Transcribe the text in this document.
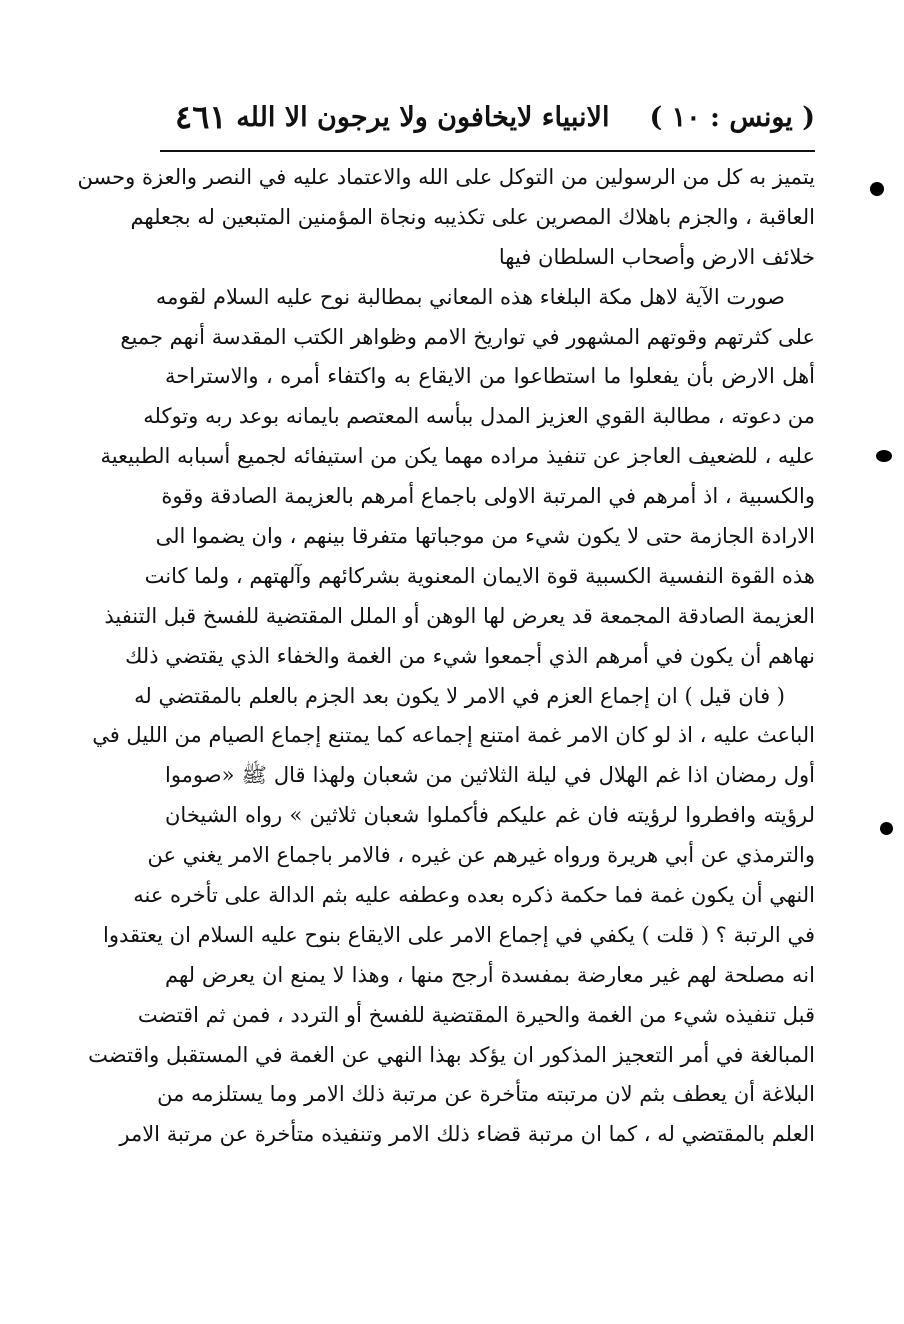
( يونس : ١٠ )
الانبياء لايخافون ولا يرجون الا الله
٤٦١
يتميز به كل من الرسولين من التوكل على الله والاعتماد عليه في النصر والعزة وحسن
العاقبة ، والجزم باهلاك المصرين على تكذيبه ونجاة المؤمنين المتبعين له بجعلهم
خلائف الارض وأصحاب السلطان فيها
صورت الآية لاهل مكة البلغاء هذه المعاني بمطالبة نوح عليه السلام لقومه
على كثرتهم وقوتهم المشهور في تواريخ الامم وظواهر الكتب المقدسة أنهم جميع
أهل الارض بأن يفعلوا ما استطاعوا من الايقاع به واكتفاء أمره ، والاستراحة
من دعوته ، مطالبة القوي العزيز المدل ببأسه المعتصم بايمانه بوعد ربه وتوكله
عليه ، للضعيف العاجز عن تنفيذ مراده مهما يكن من استيفائه لجميع أسبابه الطبيعية
والكسبية ، اذ أمرهم في المرتبة الاولى باجماع أمرهم بالعزيمة الصادقة وقوة
الارادة الجازمة حتى لا يكون شيء من موجباتها متفرقا بينهم ، وان يضموا الى
هذه القوة النفسية الكسبية قوة الايمان المعنوية بشركائهم وآلهتهم ، ولما كانت
العزيمة الصادقة المجمعة قد يعرض لها الوهن أو الملل المقتضية للفسخ قبل التنفيذ
نهاهم أن يكون في أمرهم الذي أجمعوا شيء من الغمة والخفاء الذي يقتضي ذلك
( فان قيل ) ان إجماع العزم في الامر لا يكون بعد الجزم بالعلم بالمقتضي له
الباعث عليه ، اذ لو كان الامر غمة امتنع إجماعه كما يمتنع إجماع الصيام من الليل في
أول رمضان اذا غم الهلال في ليلة الثلاثين من شعبان ولهذا قال ﷺ «صوموا
لرؤيته وافطروا لرؤيته فان غم عليكم فأكملوا شعبان ثلاثين » رواه الشيخان
والترمذي عن أبي هريرة ورواه غيرهم عن غيره ، فالامر باجماع الامر يغني عن
النهي أن يكون غمة فما حكمة ذكره بعده وعطفه عليه بثم الدالة على تأخره عنه
في الرتبة ؟ ( قلت ) يكفي في إجماع الامر على الايقاع بنوح عليه السلام ان يعتقدوا
انه مصلحة لهم غير معارضة بمفسدة أرجح منها ، وهذا لا يمنع ان يعرض لهم
قبل تنفيذه شيء من الغمة والحيرة المقتضية للفسخ أو التردد ، فمن ثم اقتضت
المبالغة في أمر التعجيز المذكور ان يؤكد بهذا النهي عن الغمة في المستقبل واقتضت
البلاغة أن يعطف بثم لان مرتبته متأخرة عن مرتبة ذلك الامر وما يستلزمه من
العلم بالمقتضي له ، كما ان مرتبة قضاء ذلك الامر وتنفيذه متأخرة عن مرتبة الامر
